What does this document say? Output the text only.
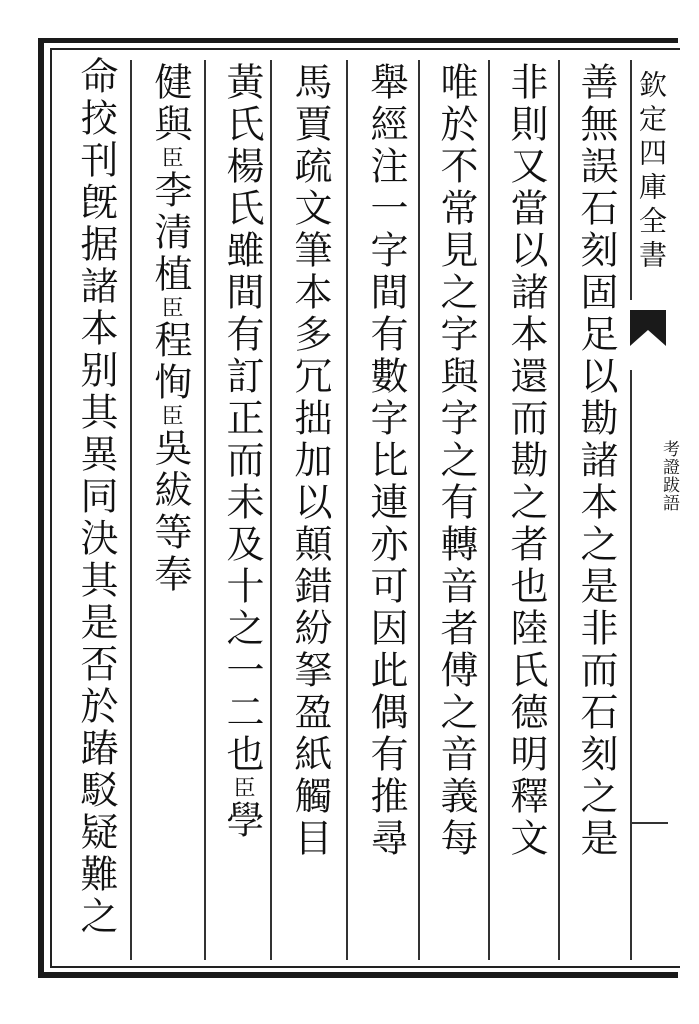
欽定四庫全書
考證跋語
善無誤石刻固足以勘諸本之是非而石刻之是
非則又當以諸本還而勘之者也陸氏德明釋文
唯於不常見之字與字之有轉音者傅之音義每
舉經注一字間有數字比連亦可因此偶有推尋
馬賈疏文筆本多冗拙加以顛錯紛拏盈紙觸目
黃氏楊氏雖間有訂正而未及十之一二也臣學
健與臣李清植臣程恂臣吳紱等奉
命挍刊旣据諸本别其異同決其是否於踳駁疑難之
